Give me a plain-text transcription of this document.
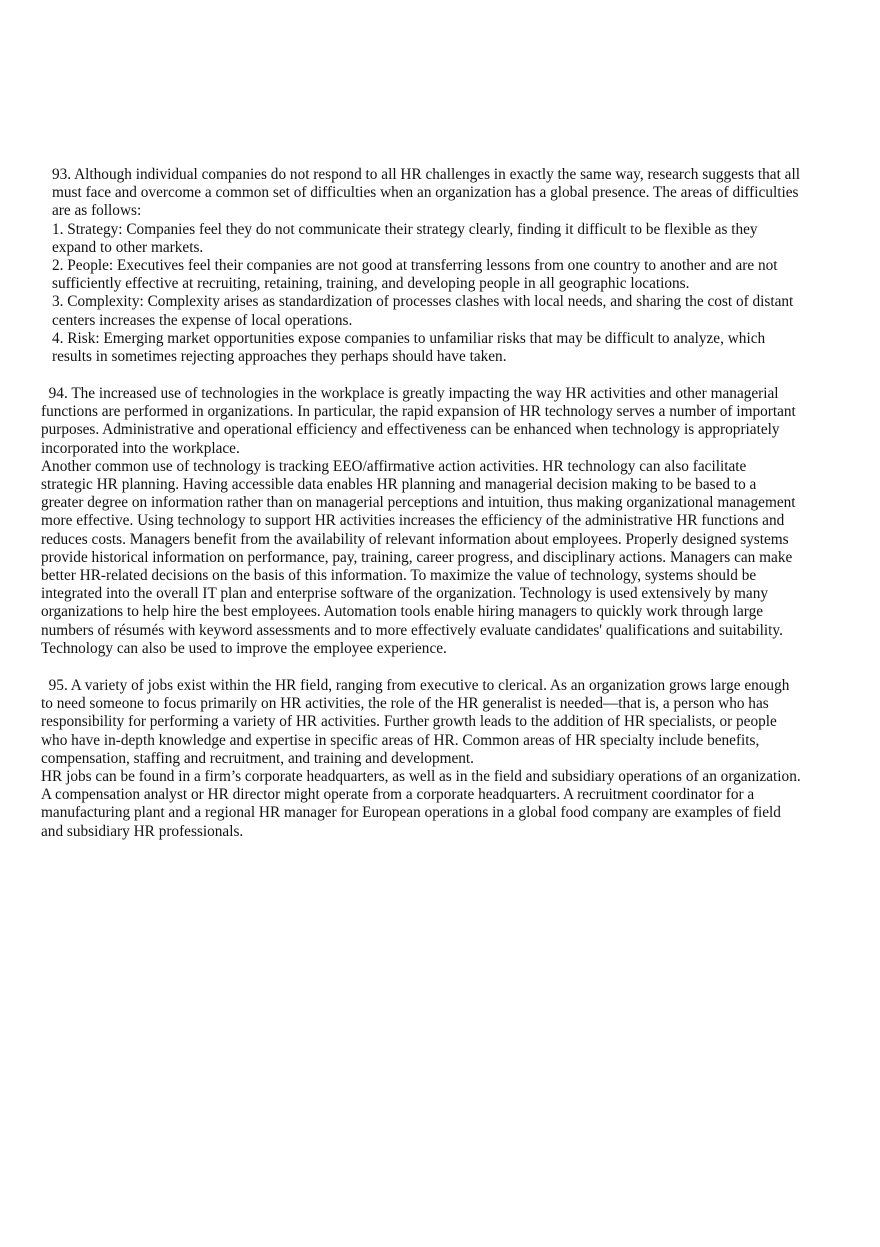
93. Although individual companies do not respond to all HR challenges in exactly the same way, research suggests that all
must face and overcome a common set of difficulties when an organization has a global presence. The areas of difficulties
are as follows:
1. Strategy: Companies feel they do not communicate their strategy clearly, finding it difficult to be flexible as they
expand to other markets.
2. People: Executives feel their companies are not good at transferring lessons from one country to another and are not
sufficiently effective at recruiting, retaining, training, and developing people in all geographic locations.
3. Complexity: Complexity arises as standardization of processes clashes with local needs, and sharing the cost of distant
centers increases the expense of local operations.
4. Risk: Emerging market opportunities expose companies to unfamiliar risks that may be difficult to analyze, which
results in sometimes rejecting approaches they perhaps should have taken.
94. The increased use of technologies in the workplace is greatly impacting the way HR activities and other managerial
functions are performed in organizations. In particular, the rapid expansion of HR technology serves a number of important
purposes. Administrative and operational efficiency and effectiveness can be enhanced when technology is appropriately
incorporated into the workplace.
Another common use of technology is tracking EEO/affirmative action activities. HR technology can also facilitate
strategic HR planning. Having accessible data enables HR planning and managerial decision making to be based to a
greater degree on information rather than on managerial perceptions and intuition, thus making organizational management
more effective. Using technology to support HR activities increases the efficiency of the administrative HR functions and
reduces costs. Managers benefit from the availability of relevant information about employees. Properly designed systems
provide historical information on performance, pay, training, career progress, and disciplinary actions. Managers can make
better HR-related decisions on the basis of this information. To maximize the value of technology, systems should be
integrated into the overall IT plan and enterprise software of the organization. Technology is used extensively by many
organizations to help hire the best employees. Automation tools enable hiring managers to quickly work through large
numbers of résumés with keyword assessments and to more effectively evaluate candidates' qualifications and suitability.
Technology can also be used to improve the employee experience.
95. A variety of jobs exist within the HR field, ranging from executive to clerical. As an organization grows large enough
to need someone to focus primarily on HR activities, the role of the HR generalist is needed—that is, a person who has
responsibility for performing a variety of HR activities. Further growth leads to the addition of HR specialists, or people
who have in-depth knowledge and expertise in specific areas of HR. Common areas of HR specialty include benefits,
compensation, staffing and recruitment, and training and development.
HR jobs can be found in a firm’s corporate headquarters, as well as in the field and subsidiary operations of an organization.
A compensation analyst or HR director might operate from a corporate headquarters. A recruitment coordinator for a
manufacturing plant and a regional HR manager for European operations in a global food company are examples of field
and subsidiary HR professionals.
